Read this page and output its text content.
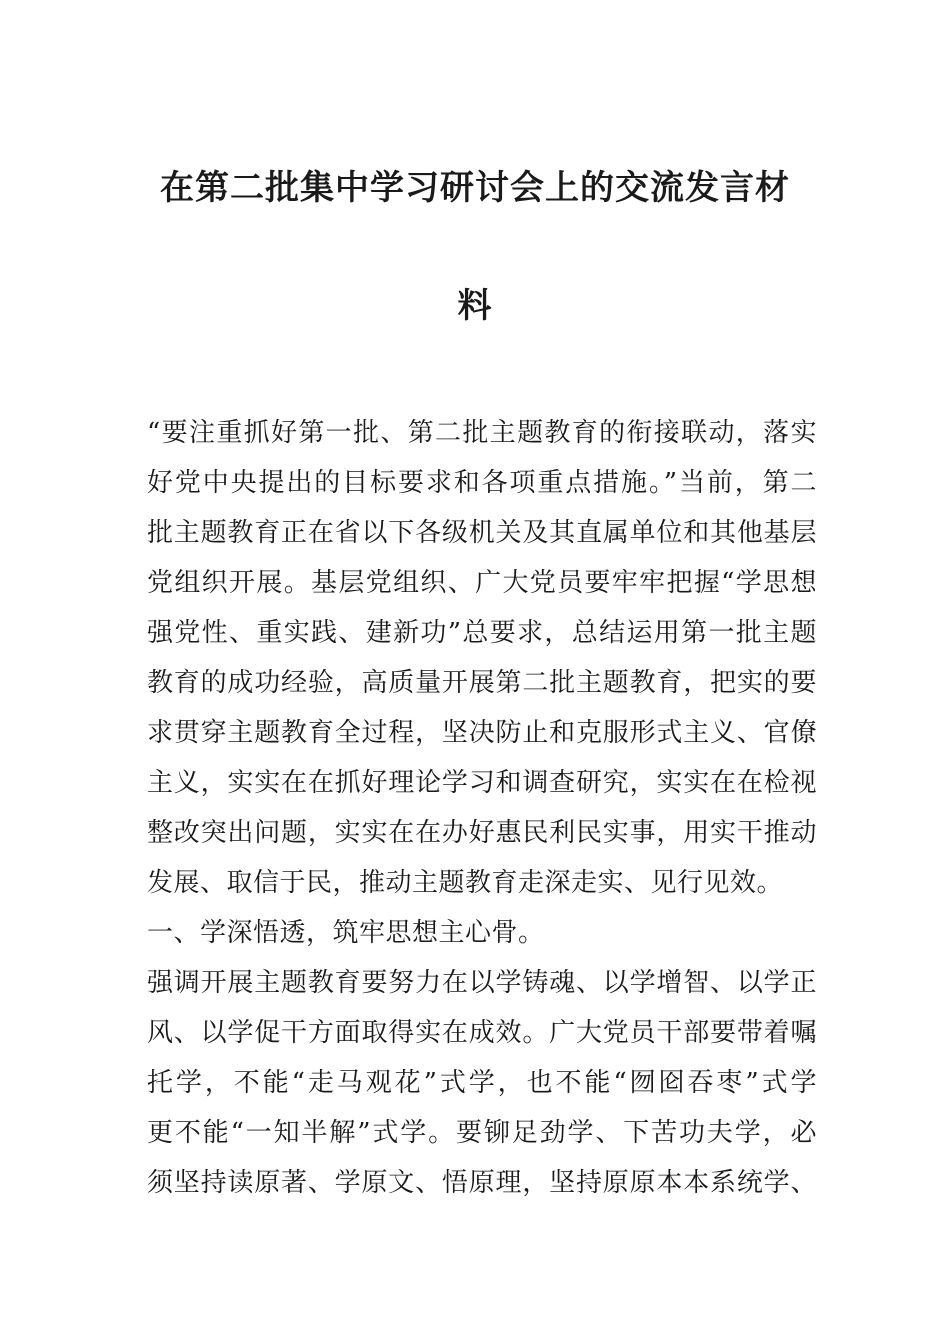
在第二批集中学习研讨会上的交流发言材
料
“要注重抓好第一批、第二批主题教育的衔接联动，落实
好党中央提出的目标要求和各项重点措施。”当前，第二
批主题教育正在省以下各级机关及其直属单位和其他基层
党组织开展。基层党组织、广大党员要牢牢把握“学思想
强党性、重实践、建新功”总要求，总结运用第一批主题
教育的成功经验，高质量开展第二批主题教育，把实的要
求贯穿主题教育全过程，坚决防止和克服形式主义、官僚
主义，实实在在抓好理论学习和调查研究，实实在在检视
整改突出问题，实实在在办好惠民利民实事，用实干推动
发展、取信于民，推动主题教育走深走实、见行见效。
一、学深悟透，筑牢思想主心骨。
强调开展主题教育要努力在以学铸魂、以学增智、以学正
风、以学促干方面取得实在成效。广大党员干部要带着嘱
托学，不能“走马观花”式学，也不能“囫囵吞枣”式学
更不能“一知半解”式学。要铆足劲学、下苦功夫学，必
须坚持读原著、学原文、悟原理，坚持原原本本系统学、
